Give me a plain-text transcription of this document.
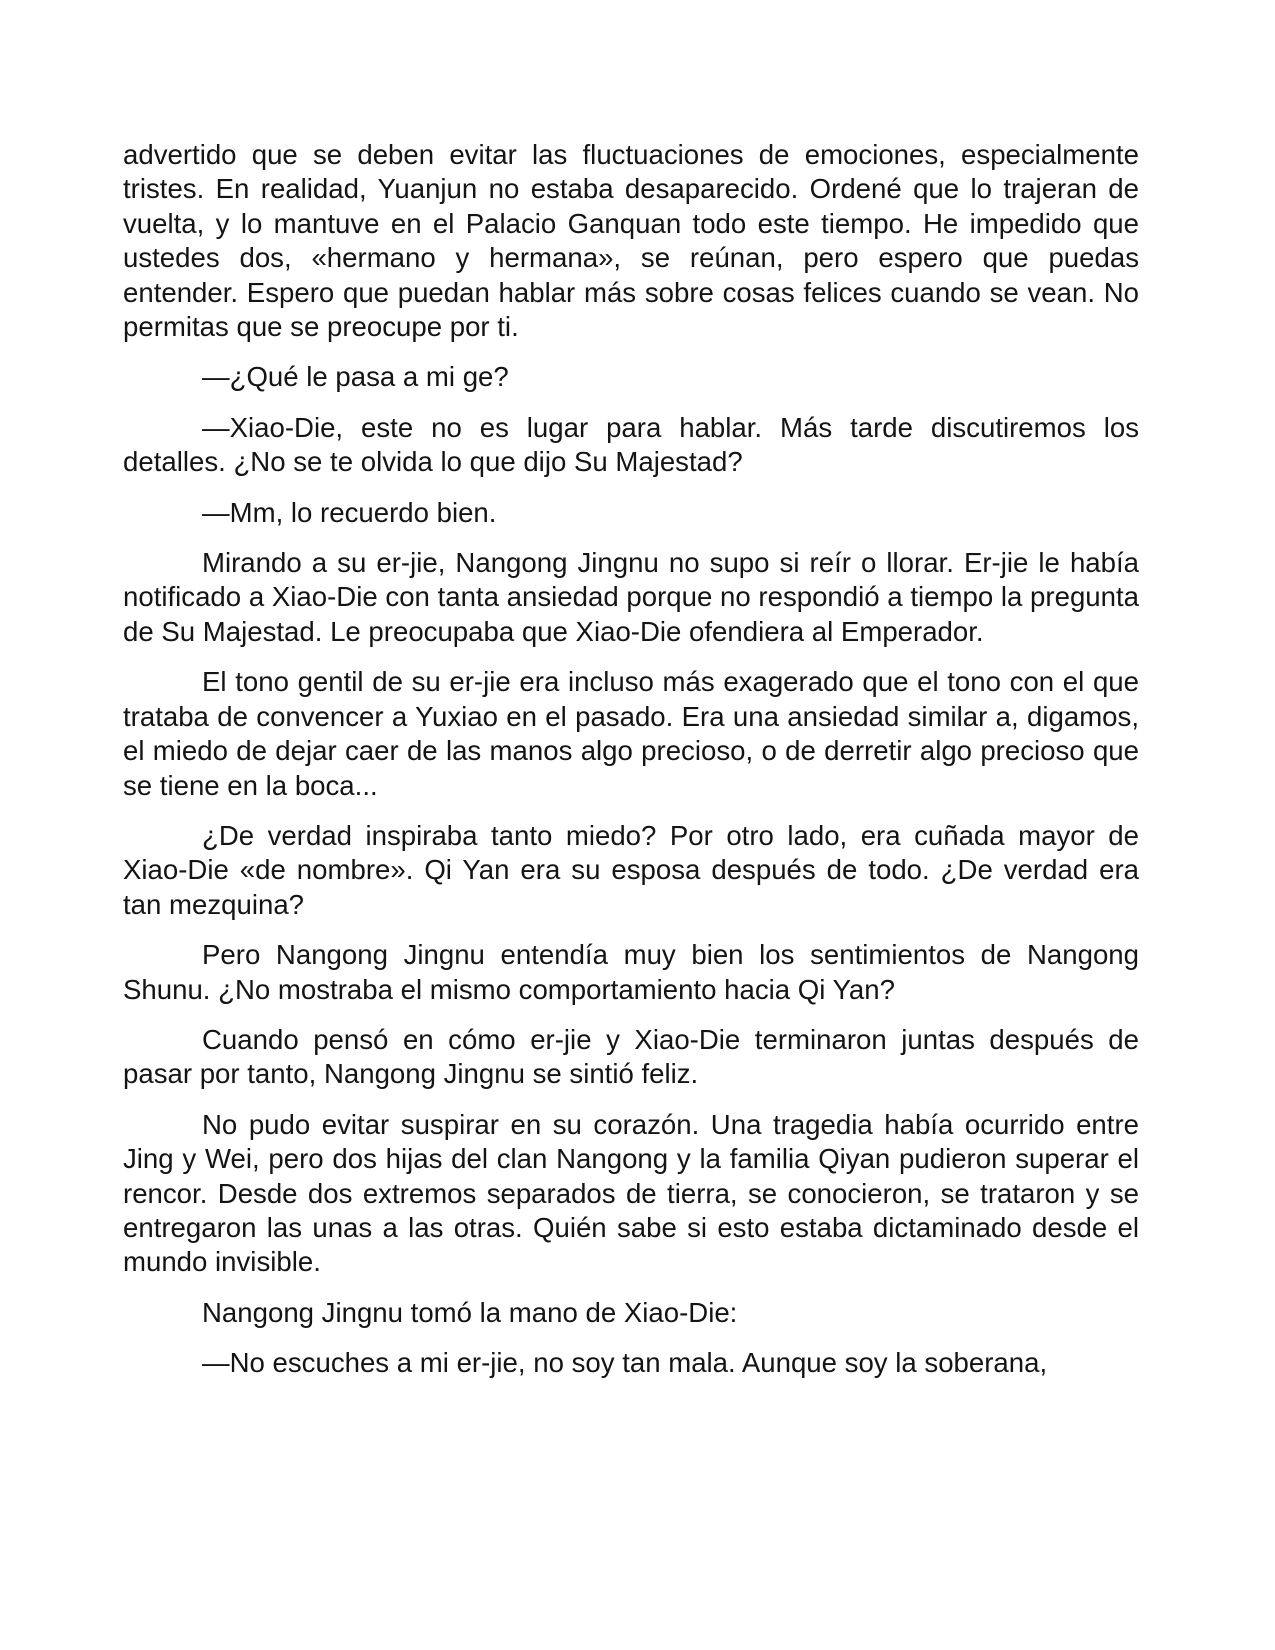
advertido que se deben evitar las fluctuaciones de emociones, especialmente tristes. En realidad, Yuanjun no estaba desaparecido. Ordené que lo trajeran de vuelta, y lo mantuve en el Palacio Ganquan todo este tiempo. He impedido que ustedes dos, «hermano y hermana», se reúnan, pero espero que puedas entender. Espero que puedan hablar más sobre cosas felices cuando se vean. No permitas que se preocupe por ti.

—¿Qué le pasa a mi ge?

—Xiao-Die, este no es lugar para hablar. Más tarde discutiremos los detalles. ¿No se te olvida lo que dijo Su Majestad?

—Mm, lo recuerdo bien.

Mirando a su er-jie, Nangong Jingnu no supo si reír o llorar. Er-jie le había notificado a Xiao-Die con tanta ansiedad porque no respondió a tiempo la pregunta de Su Majestad. Le preocupaba que Xiao-Die ofendiera al Emperador.

El tono gentil de su er-jie era incluso más exagerado que el tono con el que trataba de convencer a Yuxiao en el pasado. Era una ansiedad similar a, digamos, el miedo de dejar caer de las manos algo precioso, o de derretir algo precioso que se tiene en la boca...

¿De verdad inspiraba tanto miedo? Por otro lado, era cuñada mayor de Xiao-Die «de nombre». Qi Yan era su esposa después de todo. ¿De verdad era tan mezquina?

Pero Nangong Jingnu entendía muy bien los sentimientos de Nangong Shunu. ¿No mostraba el mismo comportamiento hacia Qi Yan?

Cuando pensó en cómo er-jie y Xiao-Die terminaron juntas después de pasar por tanto, Nangong Jingnu se sintió feliz.

No pudo evitar suspirar en su corazón. Una tragedia había ocurrido entre Jing y Wei, pero dos hijas del clan Nangong y la familia Qiyan pudieron superar el rencor. Desde dos extremos separados de tierra, se conocieron, se trataron y se entregaron las unas a las otras. Quién sabe si esto estaba dictaminado desde el mundo invisible.

Nangong Jingnu tomó la mano de Xiao-Die:

—No escuches a mi er-jie, no soy tan mala. Aunque soy la soberana,
